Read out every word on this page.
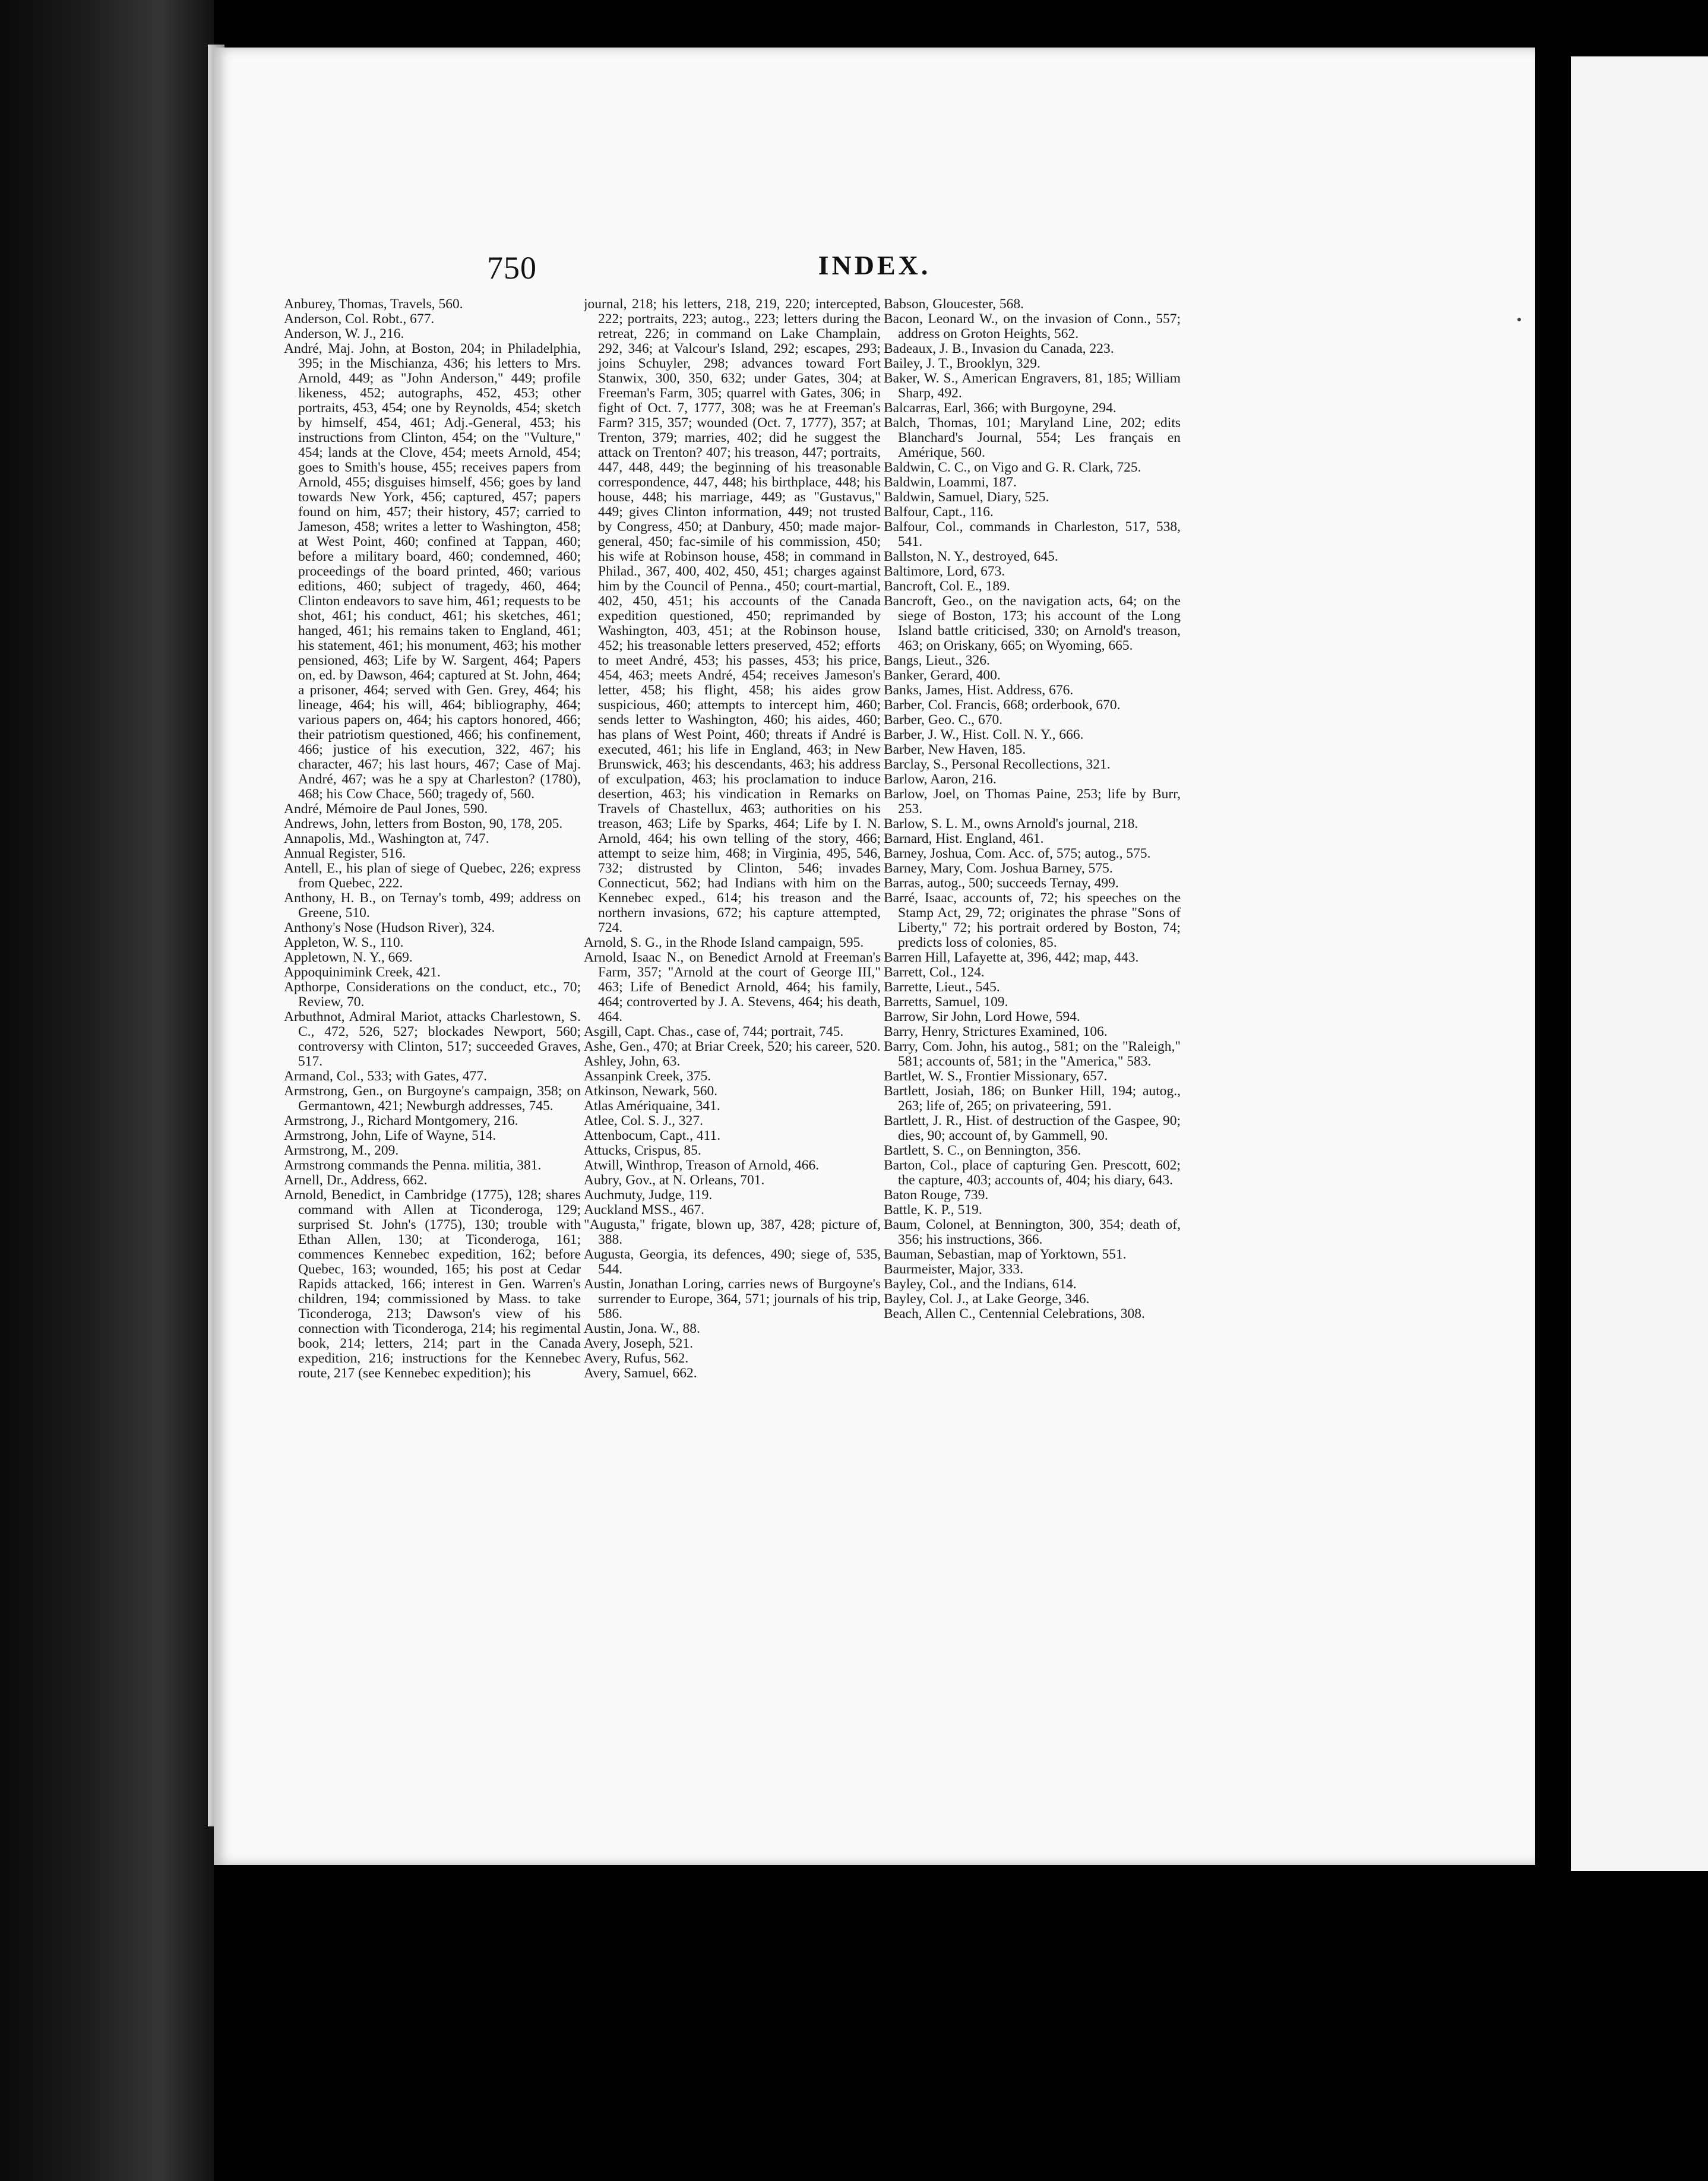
750	INDEX.

Anburey, Thomas, Travels, 560.

Anderson, Col. Robt., 677.

Anderson, W. J., 216.

André, Maj. John, at Boston, 204; in Philadelphia, 395; in the Mischianza, 436; his letters to Mrs. Arnold, 449; as "John Anderson," 449; profile likeness, 452; autographs, 452, 453; other portraits, 453, 454; one by Reynolds, 454; sketch by himself, 454, 461; Adj.-General, 453; his instructions from Clinton, 454; on the "Vulture," 454; lands at the Clove, 454; meets Arnold, 454; goes to Smith's house, 455; receives papers from Arnold, 455; disguises himself, 456; goes by land towards New York, 456; captured, 457; papers found on him, 457; their history, 457; carried to Jameson, 458; writes a letter to Washington, 458; at West Point, 460; confined at Tappan, 460; before a military board, 460; condemned, 460; proceedings of the board printed, 460; various editions, 460; subject of tragedy, 460, 464; Clinton endeavors to save him, 461; requests to be shot, 461; his conduct, 461; his sketches, 461; hanged, 461; his remains taken to England, 461; his statement, 461; his monument, 463; his mother pensioned, 463; Life by W. Sargent, 464; Papers on, ed. by Dawson, 464; captured at St. John, 464; a prisoner, 464; served with Gen. Grey, 464; his lineage, 464; his will, 464; bibliography, 464; various papers on, 464; his captors honored, 466; their patriotism questioned, 466; his confinement, 466; justice of his execution, 322, 467; his character, 467; his last hours, 467; Case of Maj. André, 467; was he a spy at Charleston? (1780), 468; his Cow Chace, 560; tragedy of, 560.

André, Mémoire de Paul Jones, 590.

Andrews, John, letters from Boston, 90, 178, 205.

Annapolis, Md., Washington at, 747.

Annual Register, 516.

Antell, E., his plan of siege of Quebec, 226; express from Quebec, 222.

Anthony, H. B., on Ternay's tomb, 499; address on Greene, 510.

Anthony's Nose (Hudson River), 324.

Appleton, W. S., 110.

Appletown, N. Y., 669.

Appoquinimink Creek, 421.

Apthorpe, Considerations on the conduct, etc., 70; Review, 70.

Arbuthnot, Admiral Mariot, attacks Charlestown, S. C., 472, 526, 527; blockades Newport, 560; controversy with Clinton, 517; succeeded Graves, 517.

Armand, Col., 533; with Gates, 477.

Armstrong, Gen., on Burgoyne's campaign, 358; on Germantown, 421; Newburgh addresses, 745.

Armstrong, J., Richard Montgomery, 216.

Armstrong, John, Life of Wayne, 514.

Armstrong, M., 209.

Armstrong commands the Penna. militia, 381.

Arnell, Dr., Address, 662.

Arnold, Benedict, in Cambridge (1775), 128; shares command with Allen at Ticonderoga, 129; surprised St. John's (1775), 130; trouble with Ethan Allen, 130; at Ticonderoga, 161; commences Kennebec expedition, 162; before Quebec, 163; wounded, 165; his post at Cedar Rapids attacked, 166; interest in Gen. Warren's children, 194; commissioned by Mass. to take Ticonderoga, 213; Dawson's view of his connection with Ticonderoga, 214; his regimental book, 214; letters, 214; part in the Canada expedition, 216; instructions for the Kennebec route, 217 (see Kennebec expedition); his

journal, 218; his letters, 218, 219, 220; intercepted, 222; portraits, 223; autog., 223; letters during the retreat, 226; in command on Lake Champlain, 292, 346; at Valcour's Island, 292; escapes, 293; joins Schuyler, 298; advances toward Fort Stanwix, 300, 350, 632; under Gates, 304; at Freeman's Farm, 305; quarrel with Gates, 306; in fight of Oct. 7, 1777, 308; was he at Freeman's Farm? 315, 357; wounded (Oct. 7, 1777), 357; at Trenton, 379; marries, 402; did he suggest the attack on Trenton? 407; his treason, 447; portraits, 447, 448, 449; the beginning of his treasonable correspondence, 447, 448; his birthplace, 448; his house, 448; his marriage, 449; as "Gustavus," 449; gives Clinton information, 449; not trusted by Congress, 450; at Danbury, 450; made major-general, 450; fac-simile of his commission, 450; his wife at Robinson house, 458; in command in Philad., 367, 400, 402, 450, 451; charges against him by the Council of Penna., 450; court-martial, 402, 450, 451; his accounts of the Canada expedition questioned, 450; reprimanded by Washington, 403, 451; at the Robinson house, 452; his treasonable letters preserved, 452; efforts to meet André, 453; his passes, 453; his price, 454, 463; meets André, 454; receives Jameson's letter, 458; his flight, 458; his aides grow suspicious, 460; attempts to intercept him, 460; sends letter to Washington, 460; his aides, 460; has plans of West Point, 460; threats if André is executed, 461; his life in England, 463; in New Brunswick, 463; his descendants, 463; his address of exculpation, 463; his proclamation to induce desertion, 463; his vindication in Remarks on Travels of Chastellux, 463; authorities on his treason, 463; Life by Sparks, 464; Life by I. N. Arnold, 464; his own telling of the story, 466; attempt to seize him, 468; in Virginia, 495, 546, 732; distrusted by Clinton, 546; invades Connecticut, 562; had Indians with him on the Kennebec exped., 614; his treason and the northern invasions, 672; his capture attempted, 724.

Arnold, S. G., in the Rhode Island campaign, 595.

Arnold, Isaac N., on Benedict Arnold at Freeman's Farm, 357; "Arnold at the court of George III," 463; Life of Benedict Arnold, 464; his family, 464; controverted by J. A. Stevens, 464; his death, 464.

Asgill, Capt. Chas., case of, 744; portrait, 745.

Ashe, Gen., 470; at Briar Creek, 520; his career, 520.

Ashley, John, 63.

Assanpink Creek, 375.

Atkinson, Newark, 560.

Atlas Amériquaine, 341.

Atlee, Col. S. J., 327.

Attenbocum, Capt., 411.

Attucks, Crispus, 85.

Atwill, Winthrop, Treason of Arnold, 466.

Aubry, Gov., at N. Orleans, 701.

Auchmuty, Judge, 119.

Auckland MSS., 467.

"Augusta," frigate, blown up, 387, 428; picture of, 388.

Augusta, Georgia, its defences, 490; siege of, 535, 544.

Austin, Jonathan Loring, carries news of Burgoyne's surrender to Europe, 364, 571; journals of his trip, 586.

Austin, Jona. W., 88.

Avery, Joseph, 521.

Avery, Rufus, 562.

Avery, Samuel, 662.

Babson, Gloucester, 568.

Bacon, Leonard W., on the invasion of Conn., 557; address on Groton Heights, 562.

Badeaux, J. B., Invasion du Canada, 223.

Bailey, J. T., Brooklyn, 329.

Baker, W. S., American Engravers, 81, 185; William Sharp, 492.

Balcarras, Earl, 366; with Burgoyne, 294.

Balch, Thomas, 101; Maryland Line, 202; edits Blanchard's Journal, 554; Les français en Amérique, 560.

Baldwin, C. C., on Vigo and G. R. Clark, 725.

Baldwin, Loammi, 187.

Baldwin, Samuel, Diary, 525.

Balfour, Capt., 116.

Balfour, Col., commands in Charleston, 517, 538, 541.

Ballston, N. Y., destroyed, 645.

Baltimore, Lord, 673.

Bancroft, Col. E., 189.

Bancroft, Geo., on the navigation acts, 64; on the siege of Boston, 173; his account of the Long Island battle criticised, 330; on Arnold's treason, 463; on Oriskany, 665; on Wyoming, 665.

Bangs, Lieut., 326.

Banker, Gerard, 400.

Banks, James, Hist. Address, 676.

Barber, Col. Francis, 668; orderbook, 670.

Barber, Geo. C., 670.

Barber, J. W., Hist. Coll. N. Y., 666.

Barber, New Haven, 185.

Barclay, S., Personal Recollections, 321.

Barlow, Aaron, 216.

Barlow, Joel, on Thomas Paine, 253; life by Burr, 253.

Barlow, S. L. M., owns Arnold's journal, 218.

Barnard, Hist. England, 461.

Barney, Joshua, Com. Acc. of, 575; autog., 575.

Barney, Mary, Com. Joshua Barney, 575.

Barras, autog., 500; succeeds Ternay, 499.

Barré, Isaac, accounts of, 72; his speeches on the Stamp Act, 29, 72; originates the phrase "Sons of Liberty," 72; his portrait ordered by Boston, 74; predicts loss of colonies, 85.

Barren Hill, Lafayette at, 396, 442; map, 443.

Barrett, Col., 124.

Barrette, Lieut., 545.

Barretts, Samuel, 109.

Barrow, Sir John, Lord Howe, 594.

Barry, Henry, Strictures Examined, 106.

Barry, Com. John, his autog., 581; on the "Raleigh," 581; accounts of, 581; in the "America," 583.

Bartlet, W. S., Frontier Missionary, 657.

Bartlett, Josiah, 186; on Bunker Hill, 194; autog., 263; life of, 265; on privateering, 591.

Bartlett, J. R., Hist. of destruction of the Gaspee, 90; dies, 90; account of, by Gammell, 90.

Bartlett, S. C., on Bennington, 356.

Barton, Col., place of capturing Gen. Prescott, 602; the capture, 403; accounts of, 404; his diary, 643.

Baton Rouge, 739.

Battle, K. P., 519.

Baum, Colonel, at Bennington, 300, 354; death of, 356; his instructions, 366.

Bauman, Sebastian, map of Yorktown, 551.

Baurmeister, Major, 333.

Bayley, Col., and the Indians, 614.

Bayley, Col. J., at Lake George, 346.

Beach, Allen C., Centennial Celebrations, 308.
